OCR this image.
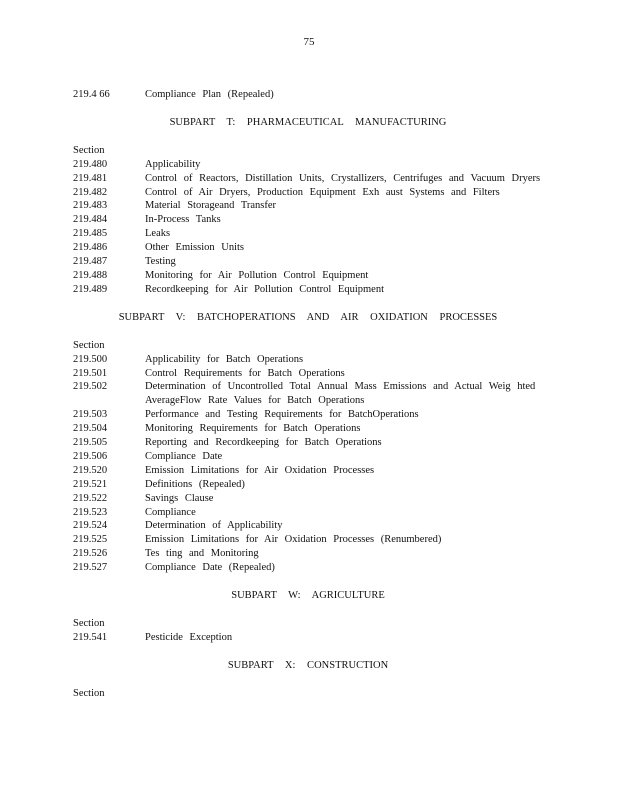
75
219.4 66	Compliance Plan (Repealed)
SUBPART T: PHARMACEUTICAL MANUFACTURING
Section
219.480	Applicability
219.481	Control of Reactors, Distillation Units, Crystallizers, Centrifuges and Vacuum Dryers
219.482	Control of Air Dryers, Production Equipment Exh aust Systems and Filters
219.483	Material Storageand Transfer
219.484	In-Process Tanks
219.485	Leaks
219.486	Other Emission Units
219.487	Testing
219.488	Monitoring for Air Pollution Control Equipment
219.489	Recordkeeping for Air Pollution Control Equipment
SUBPART V: BATCHOPERATIONS AND AIR OXIDATION PROCESSES
Section
219.500	Applicability for Batch Operations
219.501	Control Requirements for Batch Operations
219.502	Determination of Uncontrolled Total Annual Mass Emissions and Actual Weig hted AverageFlow Rate Values for Batch Operations
219.503	Performance and Testing Requirements for BatchOperations
219.504	Monitoring Requirements for Batch Operations
219.505	Reporting and Recordkeeping for Batch Operations
219.506	Compliance Date
219.520	Emission Limitations for Air Oxidation Processes
219.521	Definitions (Repealed)
219.522	Savings Clause
219.523	Compliance
219.524	Determination of Applicability
219.525	Emission Limitations for Air Oxidation Processes (Renumbered)
219.526	Tes ting and Monitoring
219.527	Compliance Date (Repealed)
SUBPART W: AGRICULTURE
Section
219.541	Pesticide Exception
SUBPART X: CONSTRUCTION
Section
